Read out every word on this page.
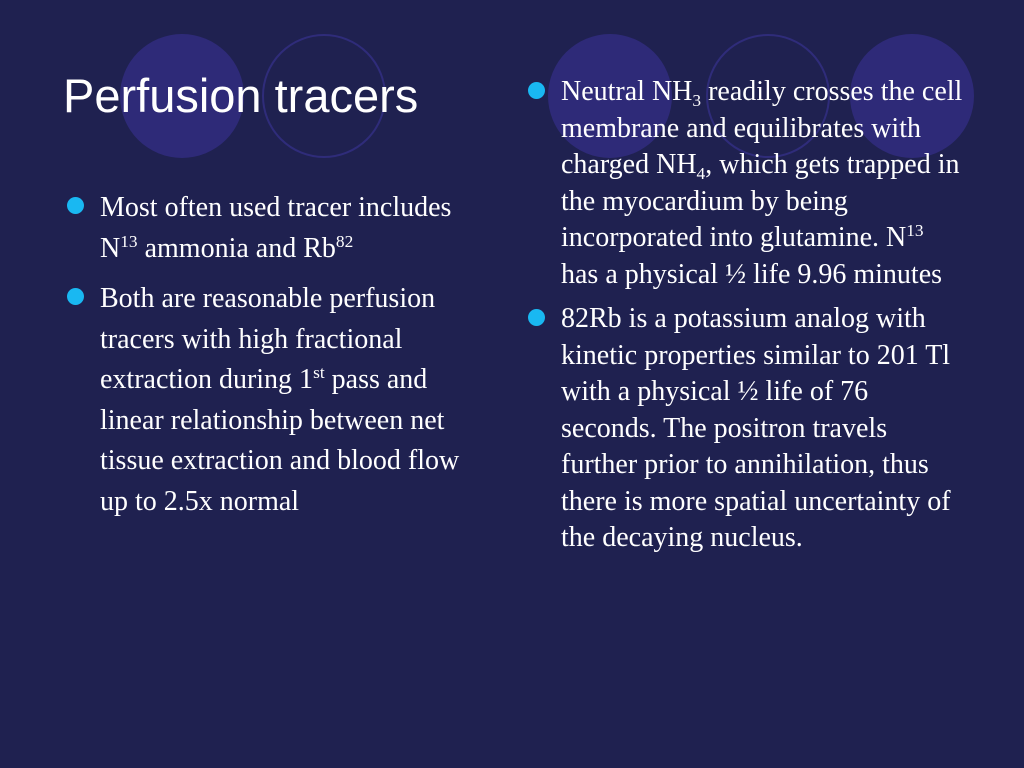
Perfusion tracers
Most often used tracer includes $N^{13}$ ammonia and Rb$^{82}$
Both are reasonable perfusion tracers with high fractional extraction during 1st pass and linear relationship between net tissue extraction and blood flow up to 2.5x normal
Neutral $NH_3$ readily crosses the cell membrane and equilibrates with charged $NH_4$, which gets trapped in the myocardium by being incorporated into glutamine. $N^{13}$ has a physical ½ life 9.96 minutes
82Rb is a potassium analog with kinetic properties similar to 201 Tl with a physical ½ life of 76 seconds. The positron travels further prior to annihilation, thus there is more spatial uncertainty of the decaying nucleus.
